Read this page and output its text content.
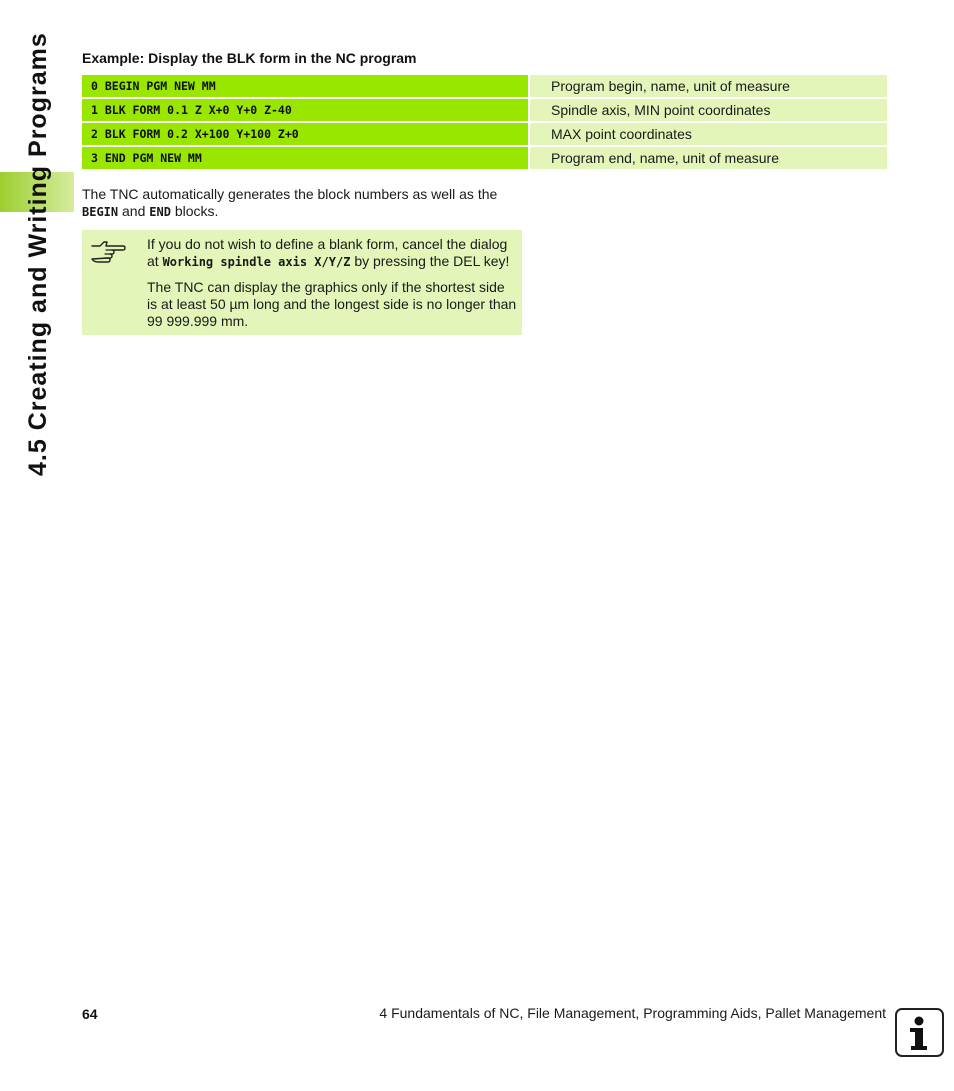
4.5 Creating and Writing Programs Example: Display the BLK form in the NC program
0 BEGIN PGM NEW MM	Program begin, name, unit of measure
1 BLK FORM 0.1 Z X+0 Y+0 Z-40	Spindle axis, MIN point coordinates
2 BLK FORM 0.2 X+100 Y+100 Z+0	MAX point coordinates
3 END PGM NEW MM	Program end, name, unit of measure
The TNC automatically generates the block numbers as well as the BEGIN and END blocks.

If you do not wish to define a blank form, cancel the dialog at Working spindle axis X/Y/Z by pressing the DEL key!

The TNC can display the graphics only if the shortest side is at least 50 µm long and the longest side is no longer than 99 999.999 mm.

64	4 Fundamentals of NC, File Management, Programming Aids, Pallet Management
